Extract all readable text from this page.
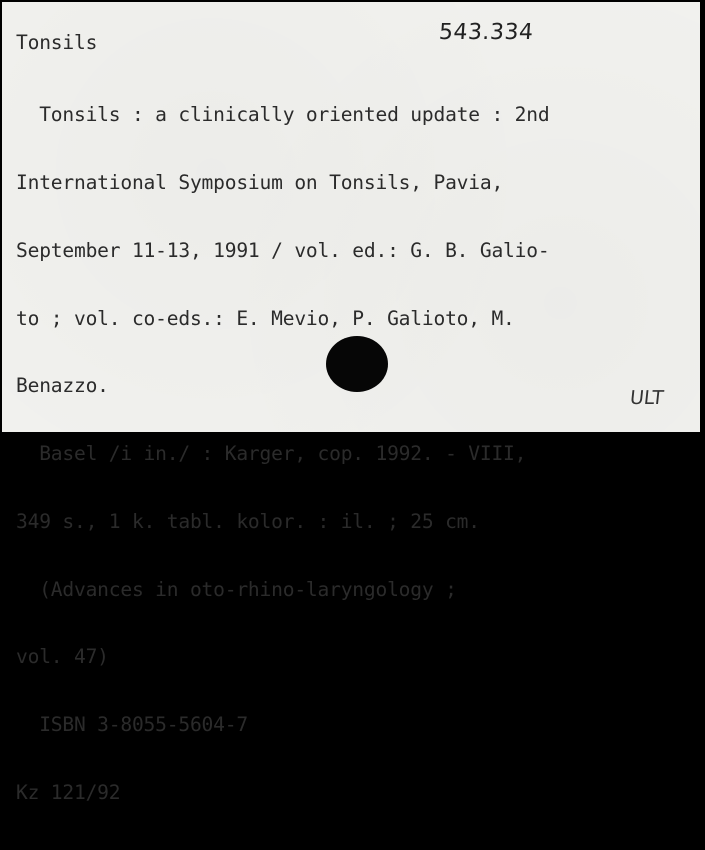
543.334
Tonsils

Tonsils : a clinically oriented update : 2nd

International Symposium on Tonsils, Pavia,

September 11-13, 1991 / vol. ed.: G. B. Galio-

to ; vol. co-eds.: E. Mevio, P. Galioto, M.

Benazzo.

Basel /i in./ : Karger, cop. 1992. - VIII,

349 s., 1 k. tabl. kolor. : il. ; 25 cm.

(Advances in oto-rhino-laryngology ;

vol. 47)

ISBN 3-8055-5604-7

Kz 121/92

ULT
